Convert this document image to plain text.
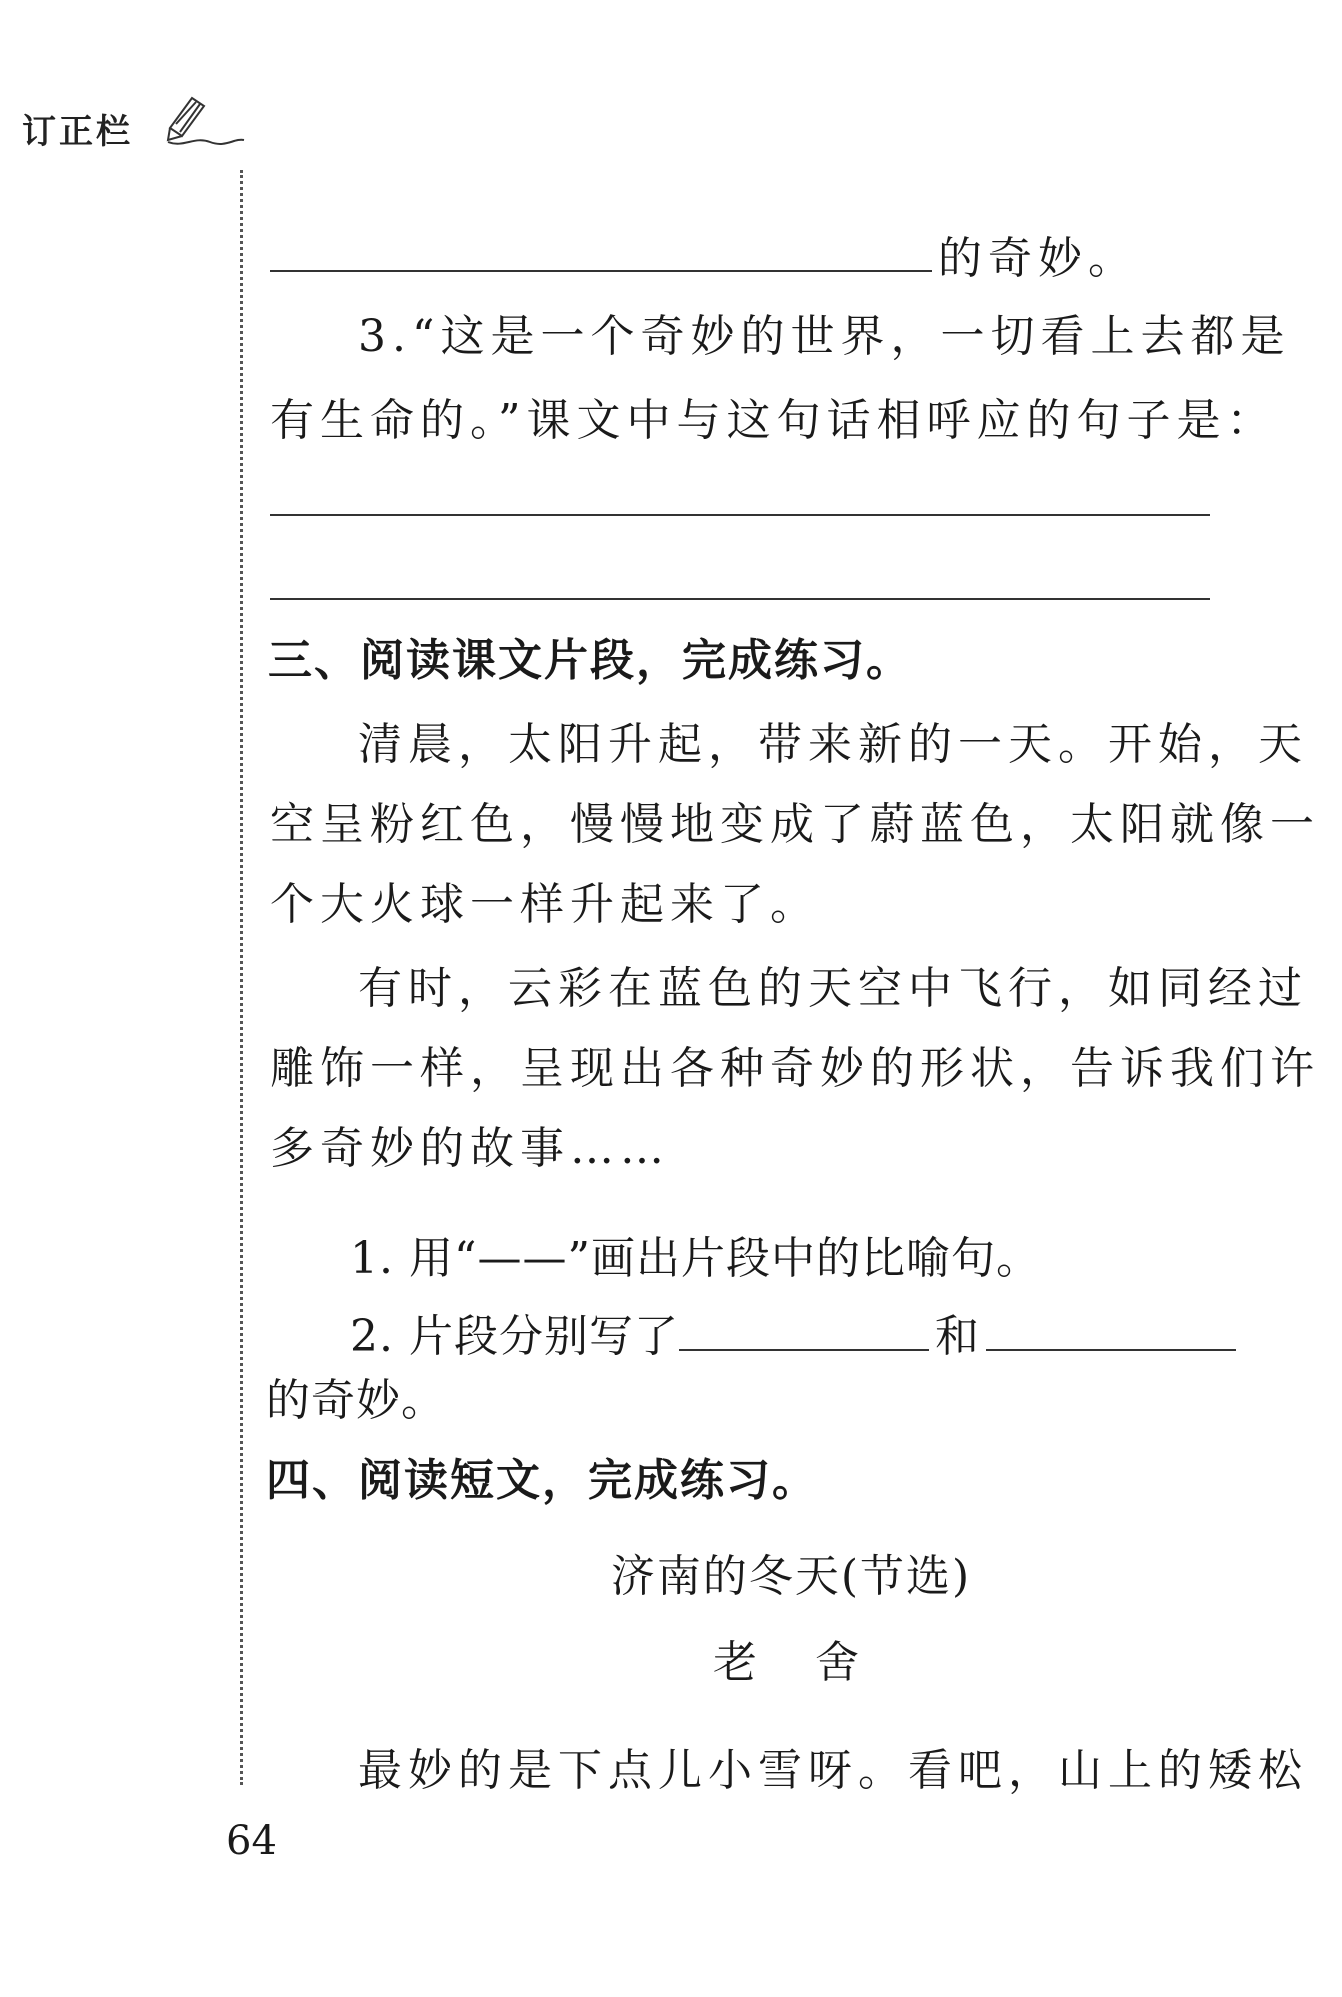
订正栏
的奇妙。
3.“这是一个奇妙的世界，一切看上去都是
有生命的。”课文中与这句话相呼应的句子是：
三、阅读课文片段，完成练习。
清晨，太阳升起，带来新的一天。开始，天
空呈粉红色，慢慢地变成了蔚蓝色，太阳就像一
个大火球一样升起来了。
有时，云彩在蓝色的天空中飞行，如同经过
雕饰一样，呈现出各种奇妙的形状，告诉我们许
多奇妙的故事……
1. 用“——”画出片段中的比喻句。
2. 片段分别写了	和
的奇妙。
四、阅读短文，完成练习。
济南的冬天(节选)
老  舍
最妙的是下点儿小雪呀。看吧，山上的矮松
64
